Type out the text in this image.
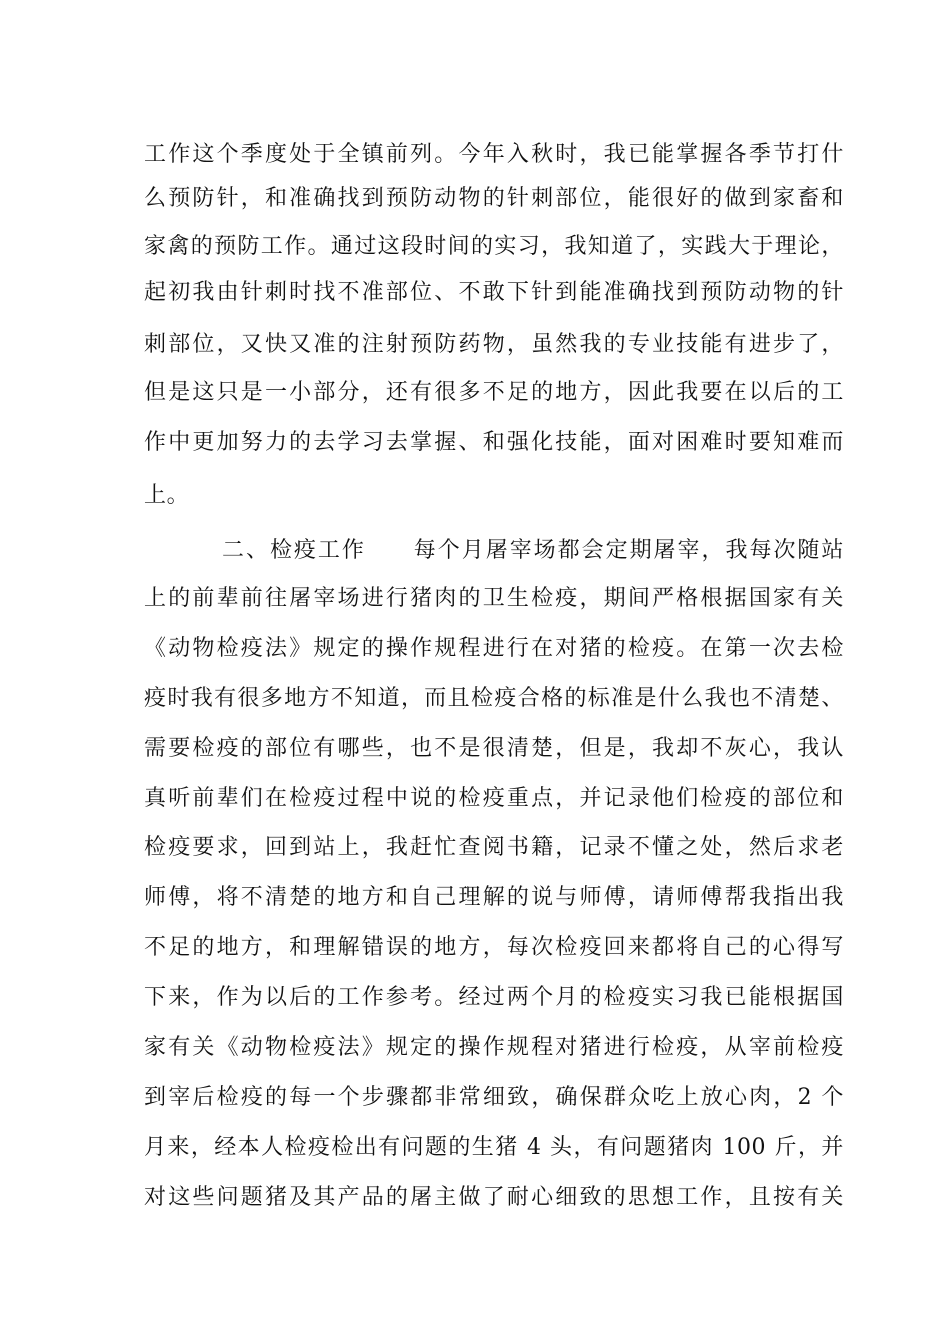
工作这个季度处于全镇前列。今年入秋时，我已能掌握各季节打什
么预防针，和准确找到预防动物的针刺部位，能很好的做到家畜和
家禽的预防工作。通过这段时间的实习，我知道了，实践大于理论，
起初我由针刺时找不准部位、不敢下针到能准确找到预防动物的针
刺部位，又快又准的注射预防药物，虽然我的专业技能有进步了，
但是这只是一小部分，还有很多不足的地方，因此我要在以后的工
作中更加努力的去学习去掌握、和强化技能，面对困难时要知难而
上。
二、检疫工作　　每个月屠宰场都会定期屠宰，我每次随站
上的前辈前往屠宰场进行猪肉的卫生检疫，期间严格根据国家有关
《动物检疫法》规定的操作规程进行在对猪的检疫。在第一次去检
疫时我有很多地方不知道，而且检疫合格的标准是什么我也不清楚、
需要检疫的部位有哪些，也不是很清楚，但是，我却不灰心，我认
真听前辈们在检疫过程中说的检疫重点，并记录他们检疫的部位和
检疫要求，回到站上，我赶忙查阅书籍，记录不懂之处，然后求老
师傅，将不清楚的地方和自己理解的说与师傅，请师傅帮我指出我
不足的地方，和理解错误的地方，每次检疫回来都将自己的心得写
下来，作为以后的工作参考。经过两个月的检疫实习我已能根据国
家有关《动物检疫法》规定的操作规程对猪进行检疫，从宰前检疫
到宰后检疫的每一个步骤都非常细致，确保群众吃上放心肉，2 个
月来，经本人检疫检出有问题的生猪 4 头，有问题猪肉 100 斤，并
对这些问题猪及其产品的屠主做了耐心细致的思想工作，且按有关
